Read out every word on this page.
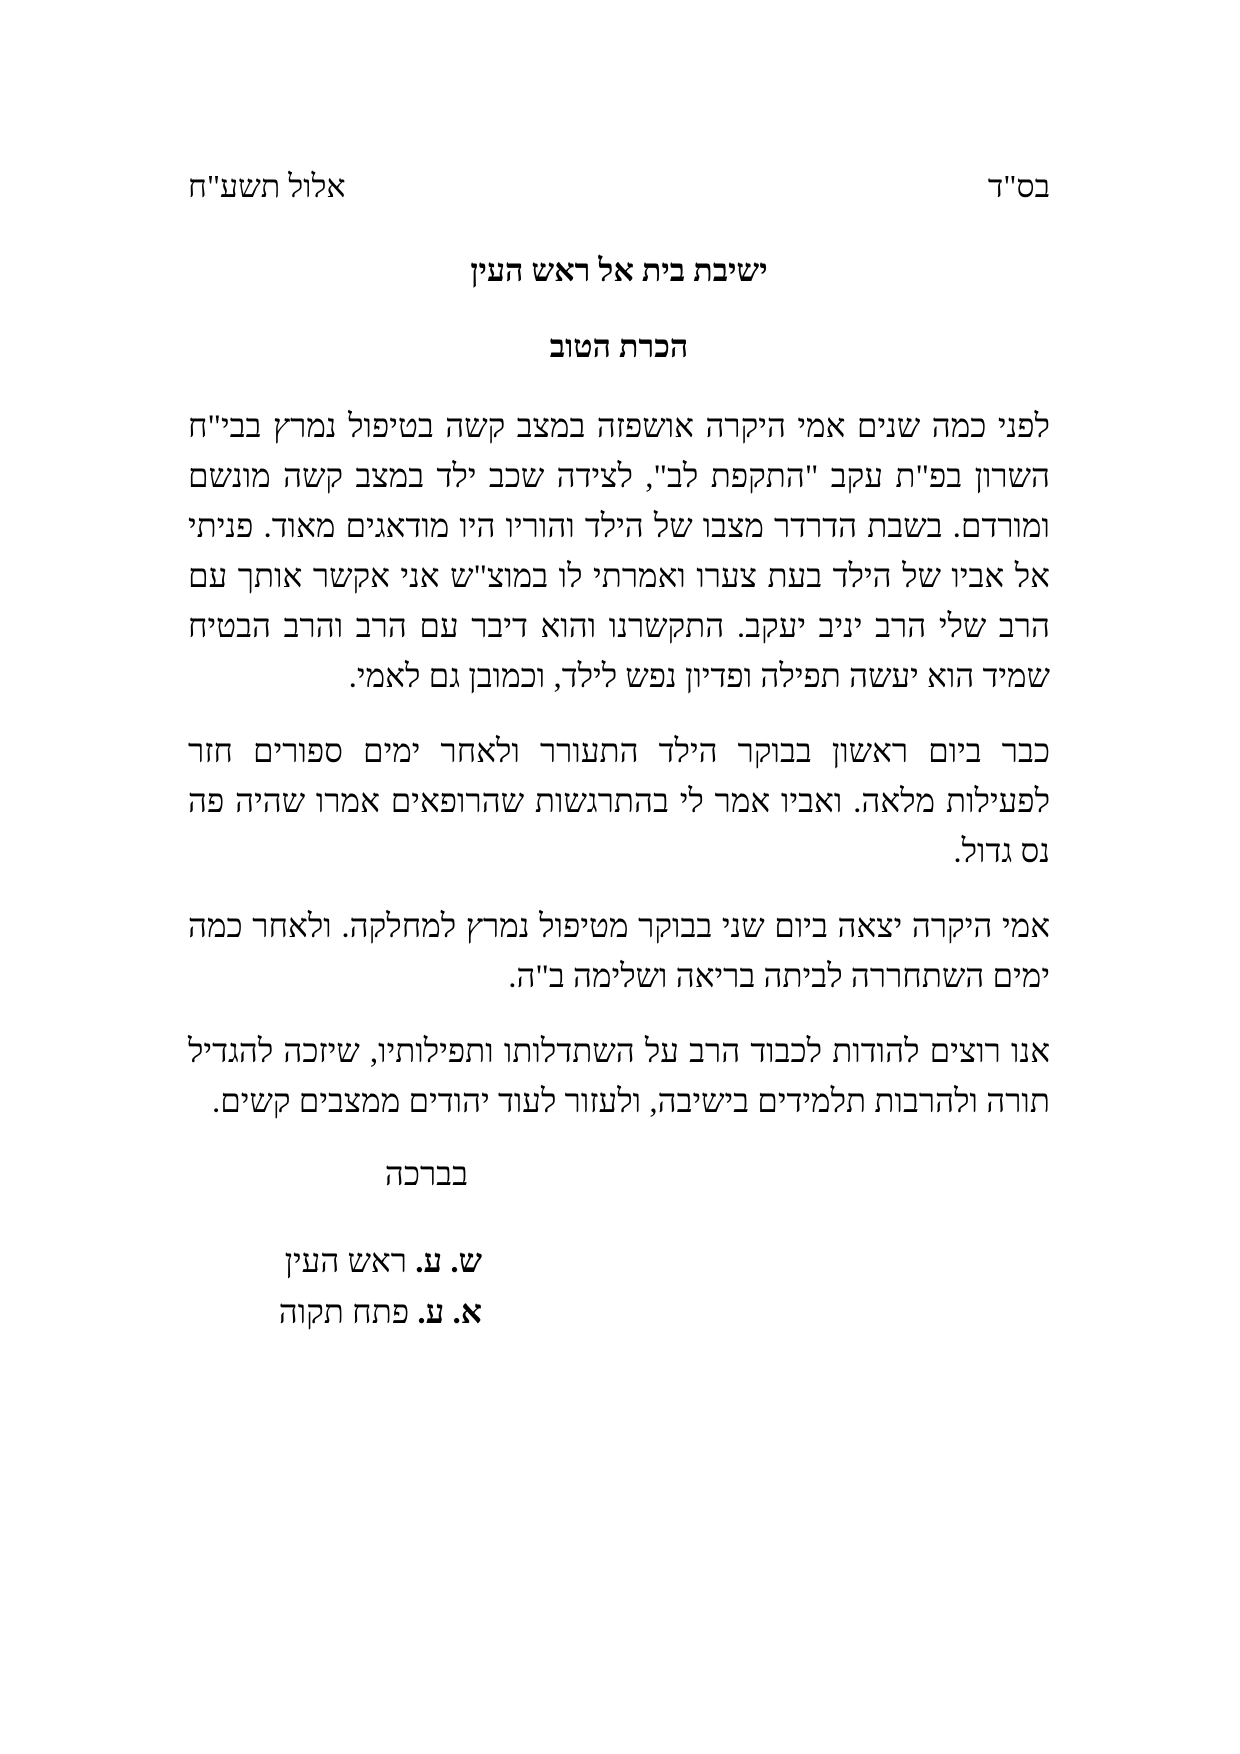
בס"ד
אלול תשע"ח
ישיבת בית אל ראש העין
הכרת הטוב
לפני כמה שנים אמי היקרה אושפזה במצב קשה בטיפול נמרץ בבי"ח
השרון בפ"ת עקב "התקפת לב", לצידה שכב ילד במצב קשה מונשם
ומורדם. בשבת הדרדר מצבו של הילד והוריו היו מודאגים מאוד. פניתי
אל אביו של הילד בעת צערו ואמרתי לו במוצ"ש אני אקשר אותך עם
הרב שלי הרב יניב יעקב. התקשרנו והוא דיבר עם הרב והרב הבטיח
שמיד הוא יעשה תפילה ופדיון נפש לילד, וכמובן גם לאמי.
כבר ביום ראשון בבוקר הילד התעורר ולאחר ימים ספורים חזר
לפעילות מלאה. ואביו אמר לי בהתרגשות שהרופאים אמרו שהיה פה
נס גדול.
אמי היקרה יצאה ביום שני בבוקר מטיפול נמרץ למחלקה. ולאחר כמה
ימים השתחררה לביתה בריאה ושלימה ב"ה.
אנו רוצים להודות לכבוד הרב על השתדלותו ותפילותיו, שיזכה להגדיל
תורה ולהרבות תלמידים בישיבה, ולעזור לעוד יהודים ממצבים קשים.
בברכה
ש. ע. ראש העין
א. ע. פתח תקוה
